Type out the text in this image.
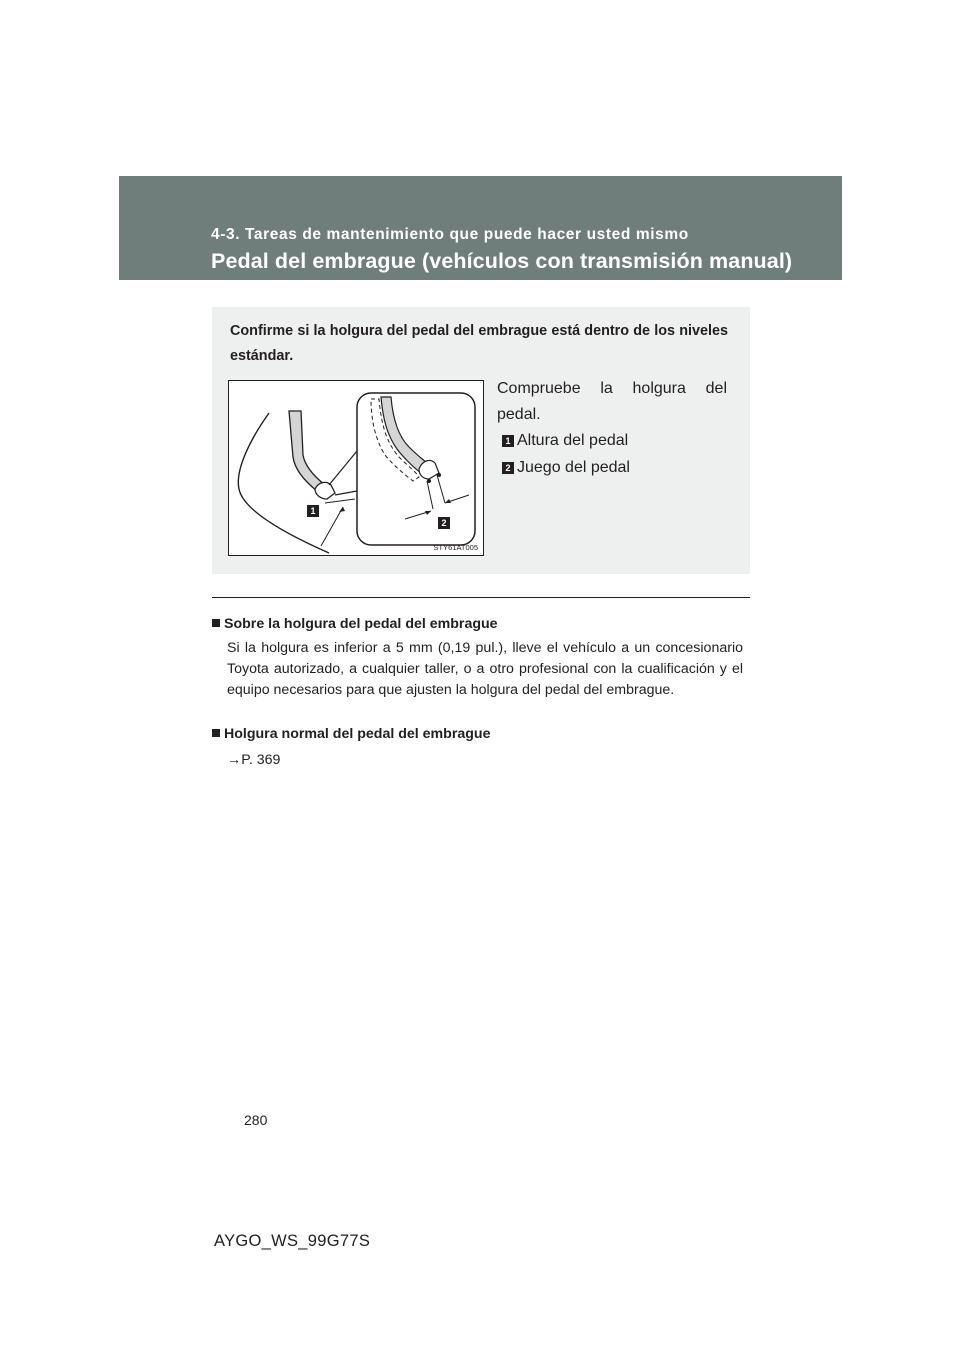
4-3. Tareas de mantenimiento que puede hacer usted mismo
Pedal del embrague (vehículos con transmisión manual)
Confirme si la holgura del pedal del embrague está dentro de los niveles estándar.
1
2
STY61AT005
Compruebe la holgura del pedal.
1 Altura del pedal
2 Juego del pedal
Sobre la holgura del pedal del embrague
Si la holgura es inferior a 5 mm (0,19 pul.), lleve el vehículo a un concesionario Toyota autorizado, a cualquier taller, o a otro profesional con la cualificación y el equipo necesarios para que ajusten la holgura del pedal del embrague.
Holgura normal del pedal del embrague
→P. 369
280
AYGO_WS_99G77S
